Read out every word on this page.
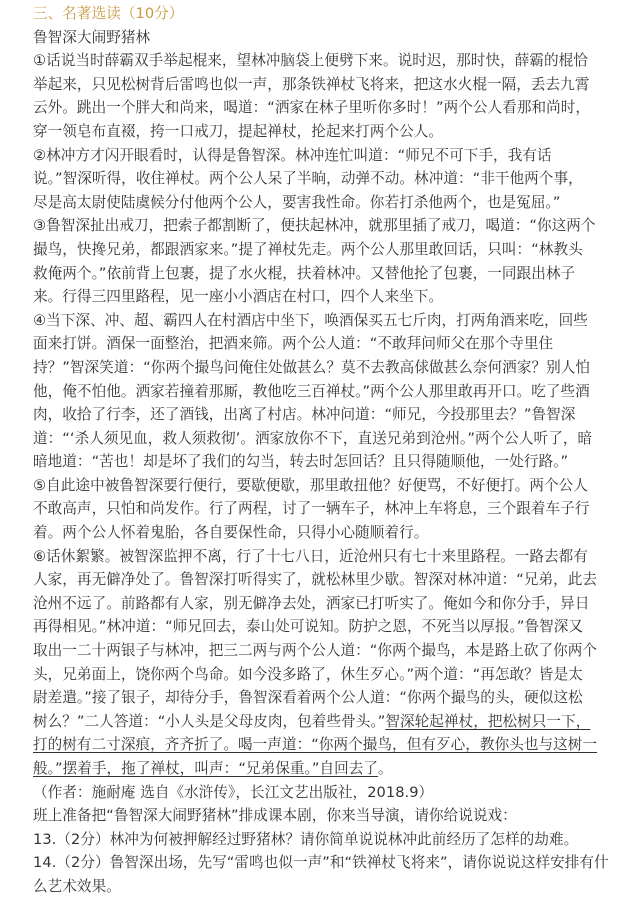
三、名著选读（10分）
鲁智深大闹野猪林
①话说当时薛霸双手举起棍来，望林冲脑袋上便劈下来。说时迟，那时快，薛霸的棍恰
举起来，只见松树背后雷鸣也似一声，那条铁禅杖飞将来，把这水火棍一隔，丢去九霄
云外。跳出一个胖大和尚来，喝道：“洒家在林子里听你多时！”两个公人看那和尚时，
穿一领皂布直裰，挎一口戒刀，提起禅杖，抡起来打两个公人。
②林冲方才闪开眼看时，认得是鲁智深。林冲连忙叫道：“师兄不可下手，我有话
说。”智深听得，收住禅杖。两个公人呆了半晌，动弹不动。林冲道：“非干他两个事，
尽是高太尉使陆虞候分付他两个公人，要害我性命。你若打杀他两个，也是冤屈。”
③鲁智深扯出戒刀，把索子都割断了，便扶起林冲，就那里插了戒刀，喝道：“你这两个
撮鸟，快搀兄弟，都跟洒家来。”提了禅杖先走。两个公人那里敢回话，只叫：“林教头
救俺两个。”依前背上包裹，提了水火棍，扶着林冲。又替他抡了包裹，一同跟出林子
来。行得三四里路程，见一座小小酒店在村口，四个人来坐下。
④当下深、冲、超、霸四人在村酒店中坐下，唤酒保买五七斤肉，打两角酒来吃，回些
面来打饼。酒保一面整治，把酒来筛。两个公人道：“不敢拜问师父在那个寺里住
持？”智深笑道：“你两个撮鸟问俺住处做甚么？莫不去教高俅做甚么奈何洒家？别人怕
他，俺不怕他。洒家若撞着那厮，教他吃三百禅杖。”两个公人那里敢再开口。吃了些酒
肉，收拾了行李，还了酒钱，出离了村店。林冲问道：“师兄，今投那里去？”鲁智深
道：“‘杀人须见血，救人须救彻’。洒家放你不下，直送兄弟到沧州。”两个公人听了，暗
暗地道：“苦也！却是坏了我们的勾当，转去时怎回话？且只得随顺他，一处行路。”
⑤自此途中被鲁智深要行便行，要歇便歇，那里敢扭他？好便骂，不好便打。两个公人
不敢高声，只怕和尚发作。行了两程，讨了一辆车子，林冲上车将息，三个跟着车子行
着。两个公人怀着鬼胎，各自要保性命，只得小心随顺着行。
⑥话休絮繁。被智深监押不离，行了十七八日，近沧州只有七十来里路程。一路去都有
人家，再无僻净处了。鲁智深打听得实了，就松林里少歇。智深对林冲道：“兄弟，此去
沧州不远了。前路都有人家，别无僻净去处，洒家已打听实了。俺如今和你分手，异日
再得相见。”林冲道：“师兄回去，泰山处可说知。防护之恩，不死当以厚报。”鲁智深又
取出一二十两银子与林冲，把三二两与两个公人道：“你两个撮鸟，本是路上砍了你两个
头，兄弟面上，饶你两个鸟命。如今没多路了，休生歹心。”两个道：“再怎敢？皆是太
尉差遣。”接了银子，却待分手，鲁智深看着两个公人道：“你两个撮鸟的头，硬似这松
树么？”二人答道：“小人头是父母皮肉，包着些骨头。”智深轮起禅杖，把松树只一下，
打的树有二寸深痕，齐齐折了。喝一声道：“你两个撮鸟，但有歹心，教你头也与这树一
般。”摆着手，拖了禅杖，叫声：“兄弟保重。”自回去了。
（作者：施耐庵 选自《水浒传》，长江文艺出版社，2018.9）
班上准备把“鲁智深大闹野猪林”排成课本剧，你来当导演，请你给说说戏：
13.（2分）林冲为何被押解经过野猪林？请你简单说说林冲此前经历了怎样的劫难。
14.（2分）鲁智深出场，先写“雷鸣也似一声”和“铁禅杖飞将来”，请你说说这样安排有什
么艺术效果。
